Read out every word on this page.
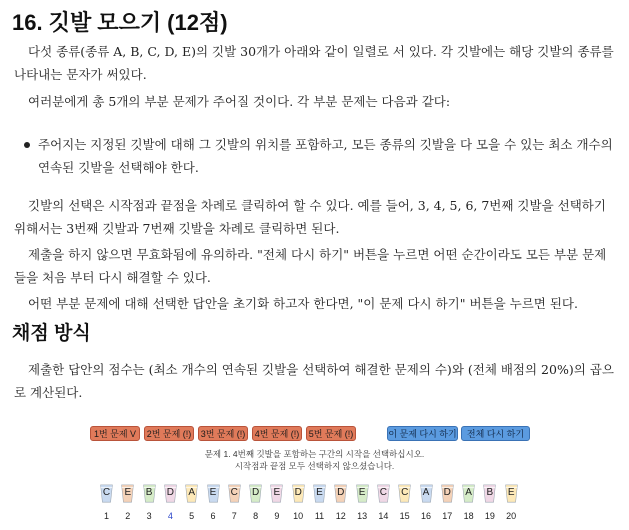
16. 깃발 모으기 (12점)

다섯 종류(종류 A, B, C, D, E)의 깃발 30개가 아래와 같이 일렬로 서 있다. 각 깃발에는 해당 깃발의 종류를 나타내는 문자가 써있다.

여러분에게 총 5개의 부분 문제가 주어질 것이다. 각 부분 문제는 다음과 같다:

주어지는 지정된 깃발에 대해 그 깃발의 위치를 포함하고, 모든 종류의 깃발을 다 모을 수 있는 최소 개수의 연속된 깃발을 선택해야 한다.

깃발의 선택은 시작점과 끝점을 차례로 클릭하여 할 수 있다. 예를 들어, 3, 4, 5, 6, 7번째 깃발을 선택하기 위해서는 3번째 깃발과 7번째 깃발을 차례로 클릭하면 된다.

제출을 하지 않으면 무효화됨에 유의하라. "전체 다시 하기" 버튼을 누르면 어떤 순간이라도 모든 부분 문제들을 처음 부터 다시 해결할 수 있다.

어떤 부분 문제에 대해 선택한 답안을 초기화 하고자 한다면, "이 문제 다시 하기" 버튼을 누르면 된다.

채점 방식

제출한 답안의 점수는 (최소 개수의 연속된 깃발을 선택하여 해결한 문제의 수)와 (전체 배점의 20%)의 곱으로 계산된다.

1번 문제 V	2번 문제 (!)	3번 문제 (!)	4번 문제 (!)	5번 문제 (!)	이 문제 다시 하기	전체 다시 하기

문제 1. 4번째 깃발을 포함하는 구간의 시작을 선택하십시오.

시작점과 끝점 모두 선택하지 않으셨습니다.

C
1
E
2
B
3
D
4
A
5
E
6
C
7
D
8
E
9
D
10
E
11
D
12
E
13
C
14
C
15
A
16
D
17
A
18
B
19
E
20
